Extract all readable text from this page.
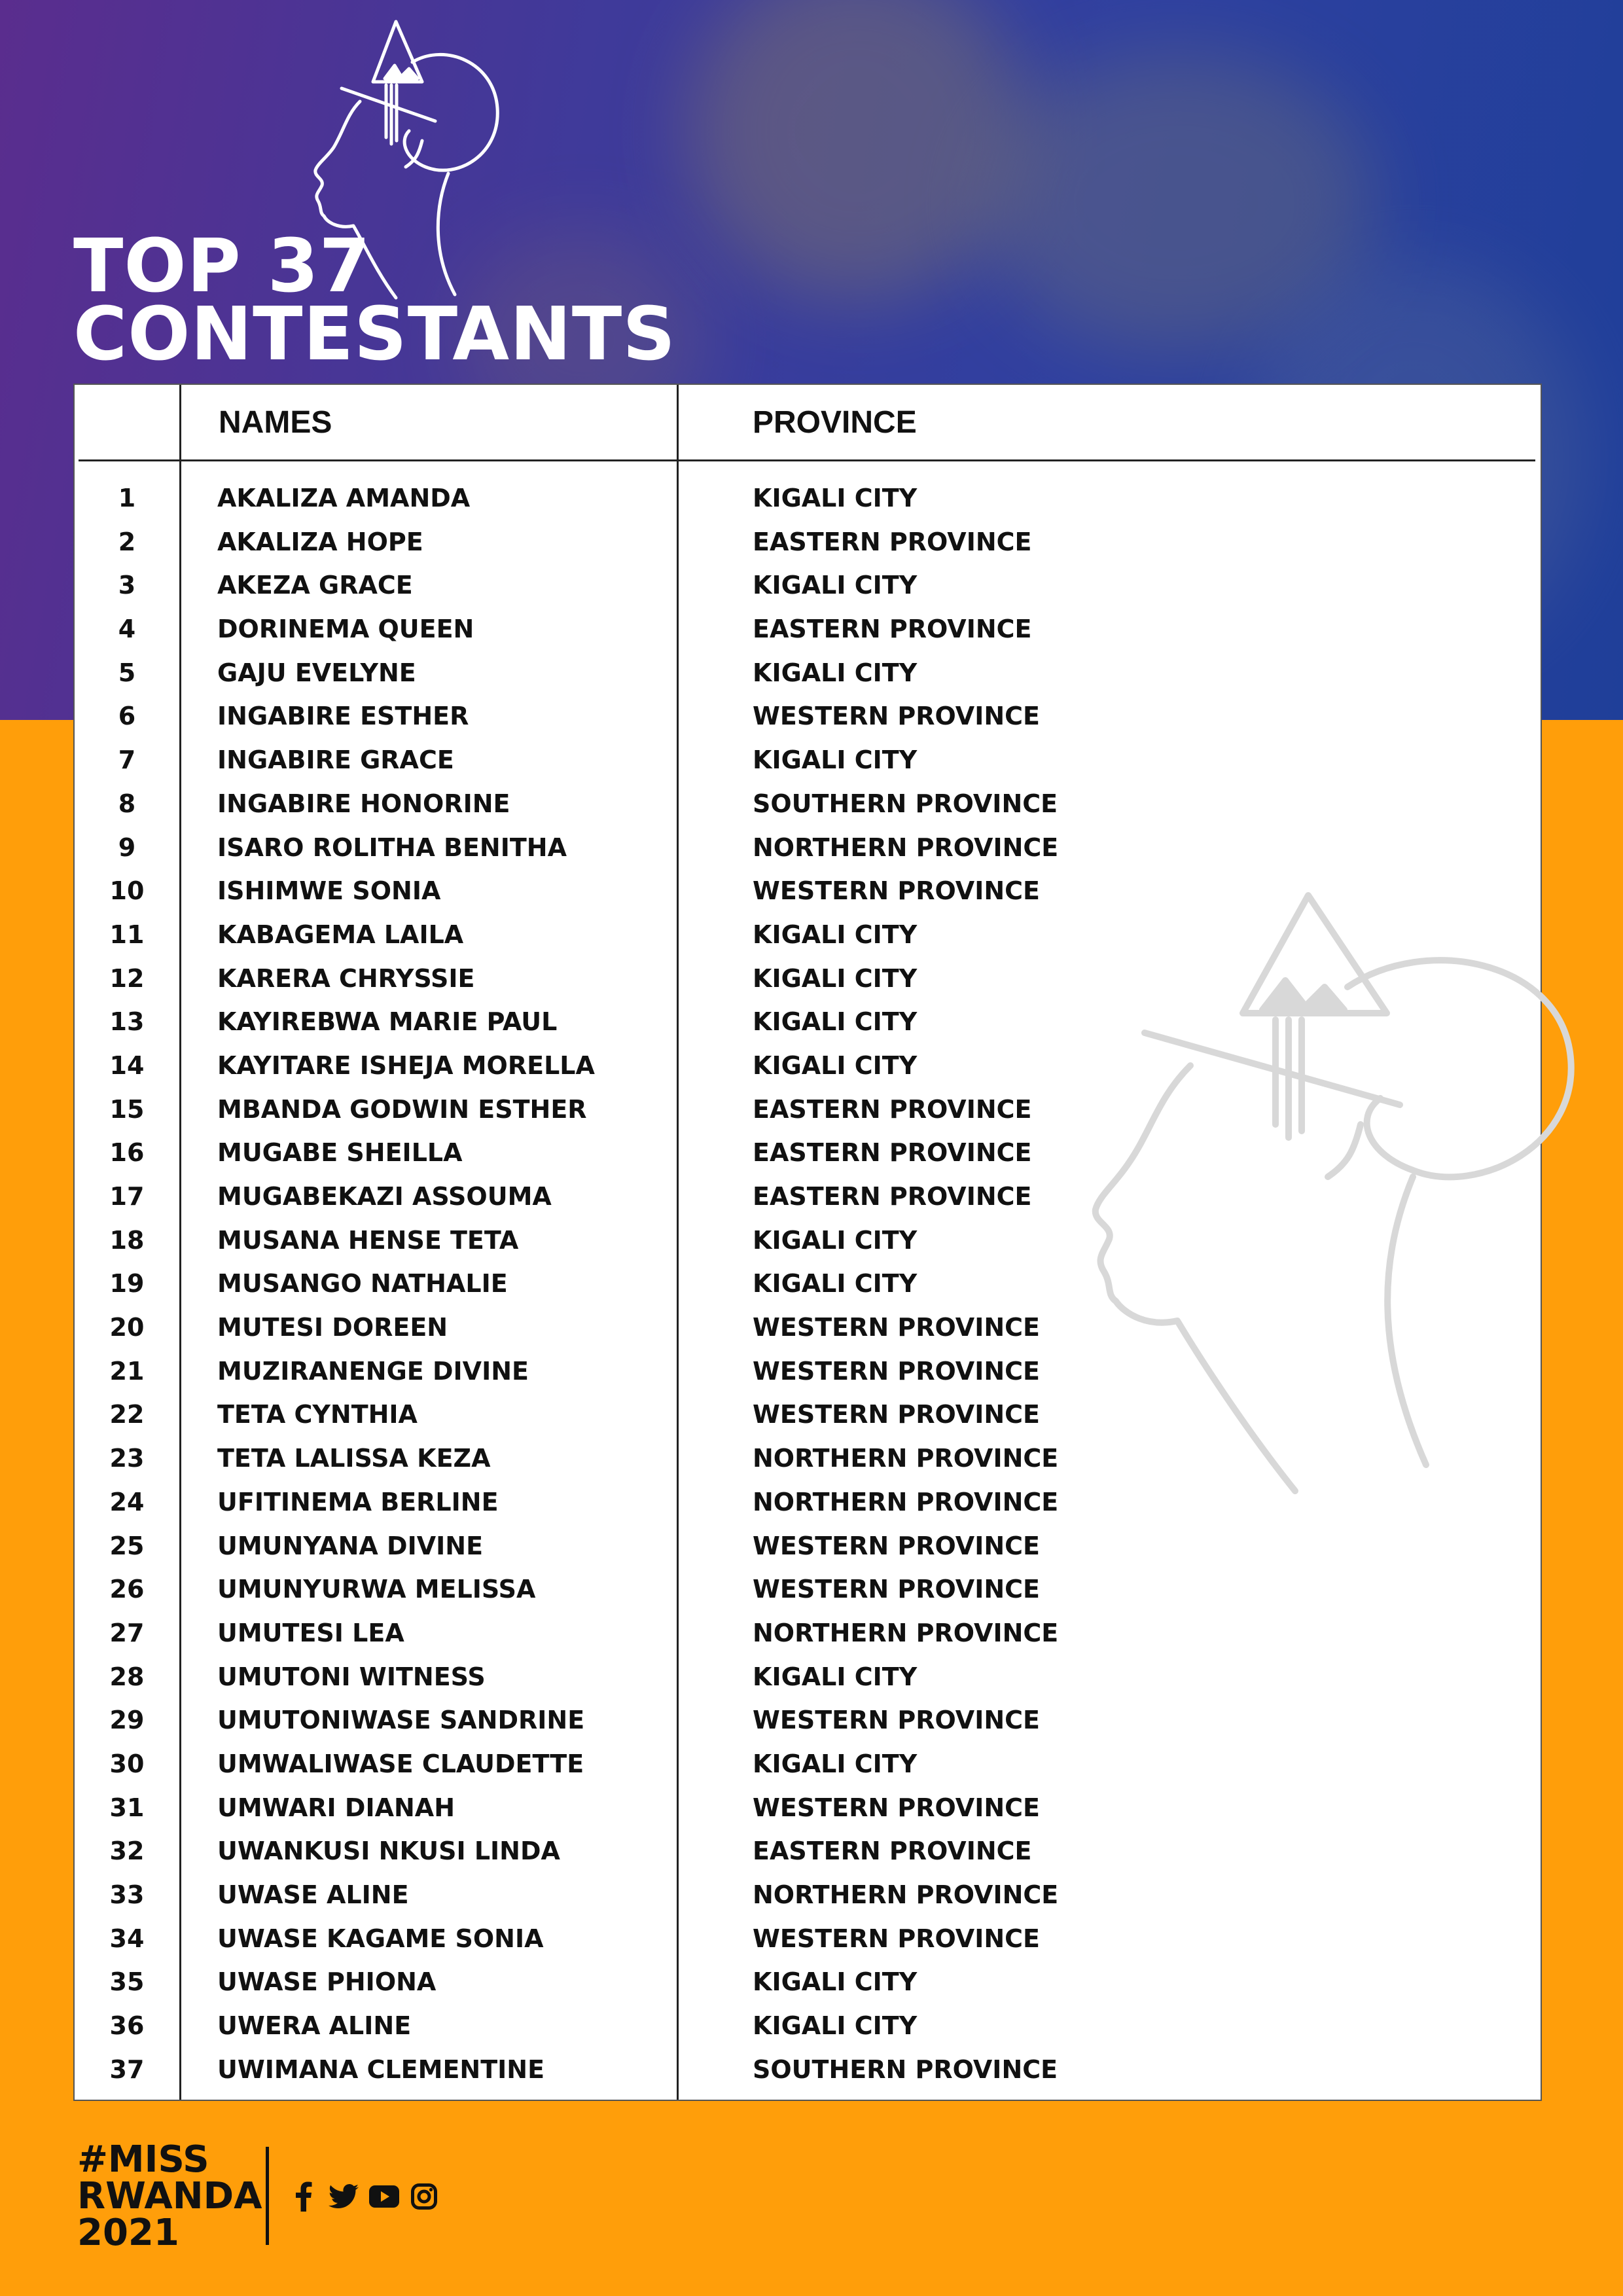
TOP 37
CONTESTANTS
NAMES	PROVINCE
1	AKALIZA AMANDA	KIGALI CITY
2	AKALIZA HOPE	EASTERN PROVINCE
3	AKEZA GRACE	KIGALI CITY
4	DORINEMA QUEEN	EASTERN PROVINCE
5	GAJU EVELYNE	KIGALI CITY
6	INGABIRE ESTHER	WESTERN PROVINCE
7	INGABIRE GRACE	KIGALI CITY
8	INGABIRE HONORINE	SOUTHERN PROVINCE
9	ISARO ROLITHA BENITHA	NORTHERN PROVINCE
10	ISHIMWE SONIA	WESTERN PROVINCE
11	KABAGEMA LAILA	KIGALI CITY
12	KARERA CHRYSSIE	KIGALI CITY
13	KAYIREBWA MARIE PAUL	KIGALI CITY
14	KAYITARE ISHEJA MORELLA	KIGALI CITY
15	MBANDA GODWIN ESTHER	EASTERN PROVINCE
16	MUGABE SHEILLA	EASTERN PROVINCE
17	MUGABEKAZI ASSOUMA	EASTERN PROVINCE
18	MUSANA HENSE TETA	KIGALI CITY
19	MUSANGO NATHALIE	KIGALI CITY
20	MUTESI DOREEN	WESTERN PROVINCE
21	MUZIRANENGE DIVINE	WESTERN PROVINCE
22	TETA CYNTHIA	WESTERN PROVINCE
23	TETA LALISSA KEZA	NORTHERN PROVINCE
24	UFITINEMA BERLINE	NORTHERN PROVINCE
25	UMUNYANA DIVINE	WESTERN PROVINCE
26	UMUNYURWA MELISSA	WESTERN PROVINCE
27	UMUTESI LEA	NORTHERN PROVINCE
28	UMUTONI WITNESS	KIGALI CITY
29	UMUTONIWASE SANDRINE	WESTERN PROVINCE
30	UMWALIWASE CLAUDETTE	KIGALI CITY
31	UMWARI DIANAH	WESTERN PROVINCE
32	UWANKUSI NKUSI LINDA	EASTERN PROVINCE
33	UWASE ALINE	NORTHERN PROVINCE
34	UWASE KAGAME SONIA	WESTERN PROVINCE
35	UWASE PHIONA	KIGALI CITY
36	UWERA ALINE	KIGALI CITY
37	UWIMANA CLEMENTINE	SOUTHERN PROVINCE
#MISS
RWANDA
2021
